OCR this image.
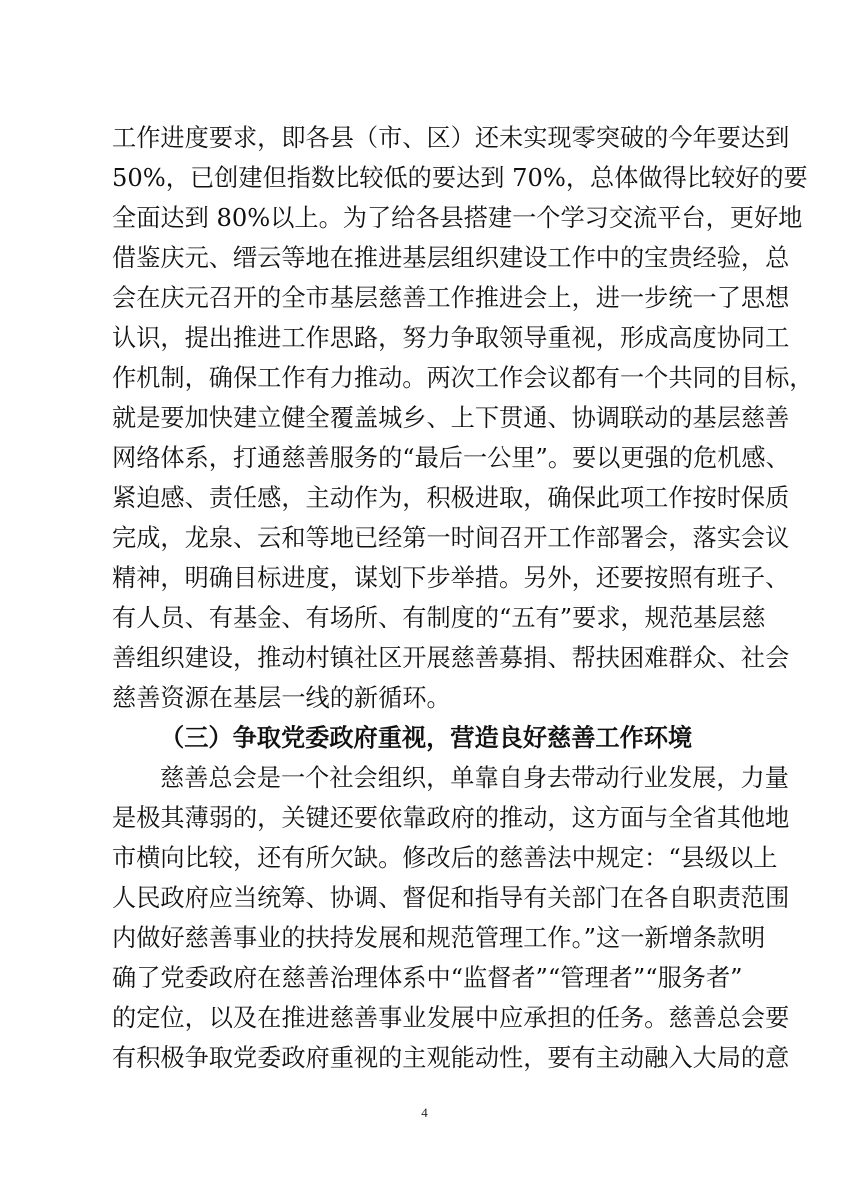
工作进度要求，即各县（市、区）还未实现零突破的今年要达到
50%，已创建但指数比较低的要达到 70%，总体做得比较好的要
全面达到 80%以上。为了给各县搭建一个学习交流平台，更好地
借鉴庆元、缙云等地在推进基层组织建设工作中的宝贵经验，总
会在庆元召开的全市基层慈善工作推进会上，进一步统一了思想
认识，提出推进工作思路，努力争取领导重视，形成高度协同工
作机制，确保工作有力推动。两次工作会议都有一个共同的目标，
就是要加快建立健全覆盖城乡、上下贯通、协调联动的基层慈善
网络体系，打通慈善服务的“最后一公里”。要以更强的危机感、
紧迫感、责任感，主动作为，积极进取，确保此项工作按时保质
完成，龙泉、云和等地已经第一时间召开工作部署会，落实会议
精神，明确目标进度，谋划下步举措。另外，还要按照有班子、
有人员、有基金、有场所、有制度的“五有”要求，规范基层慈
善组织建设，推动村镇社区开展慈善募捐、帮扶困难群众、社会
慈善资源在基层一线的新循环。
（三）争取党委政府重视，营造良好慈善工作环境
慈善总会是一个社会组织，单靠自身去带动行业发展，力量
是极其薄弱的，关键还要依靠政府的推动，这方面与全省其他地
市横向比较，还有所欠缺。修改后的慈善法中规定：“县级以上
人民政府应当统筹、协调、督促和指导有关部门在各自职责范围
内做好慈善事业的扶持发展和规范管理工作。”这一新增条款明
确了党委政府在慈善治理体系中“监督者”“管理者”“服务者”
的定位，以及在推进慈善事业发展中应承担的任务。慈善总会要
有积极争取党委政府重视的主观能动性，要有主动融入大局的意
4
